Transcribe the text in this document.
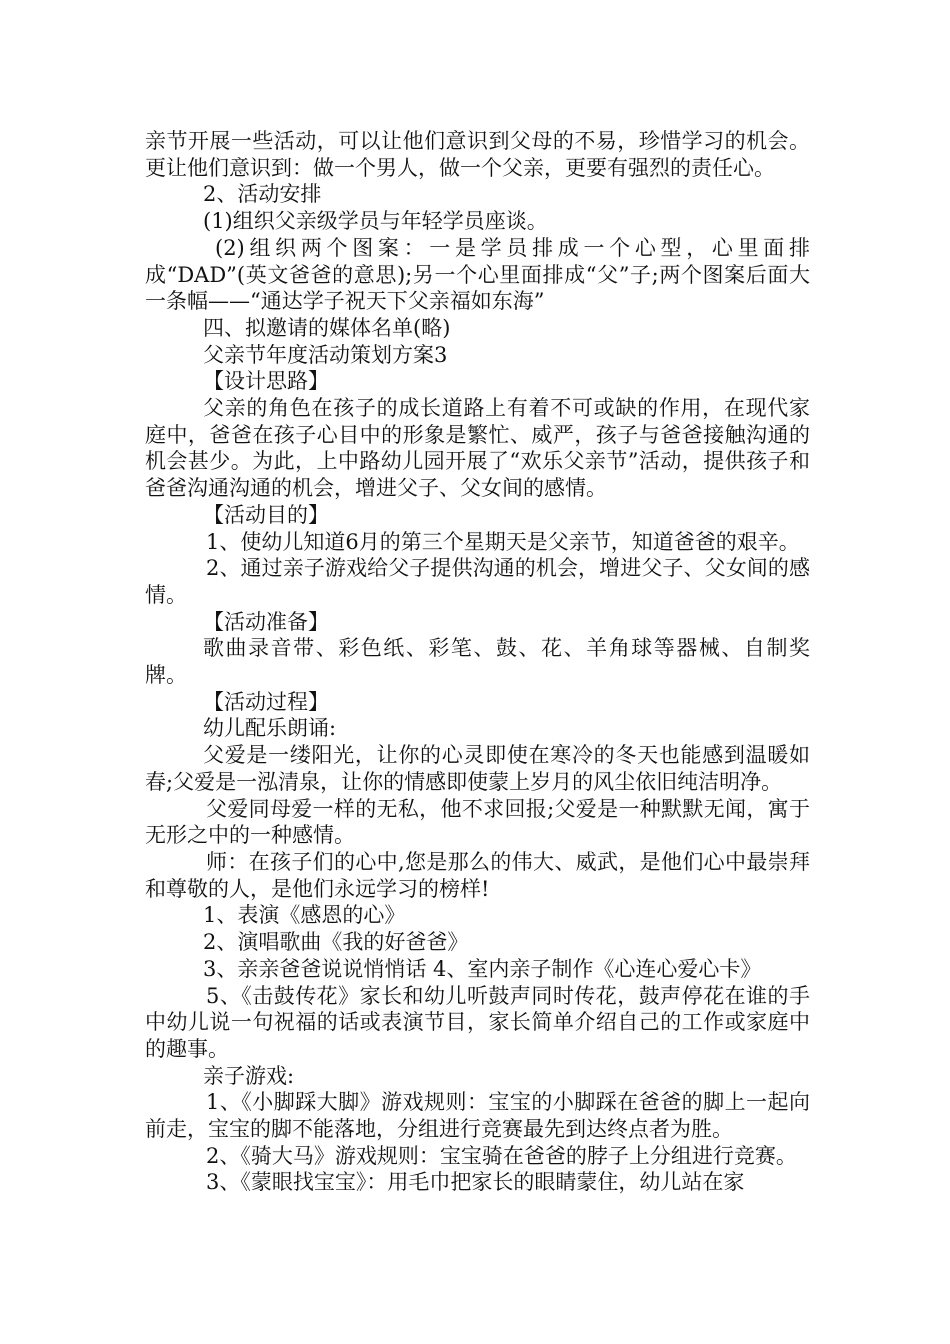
亲节开展一些活动，可以让他们意识到父母的不易，珍惜学习的机会。更让他们意识到：做一个男人，做一个父亲，更要有强烈的责任心。

2、活动安排

(1)组织父亲级学员与年轻学员座谈。

(2)组织两个图案：一是学员排成一个心型，心里面排成“DAD”(英文爸爸的意思);另一个心里面排成“父”子;两个图案后面大一条幅——“通达学子祝天下父亲福如东海”

四、拟邀请的媒体名单(略)

父亲节年度活动策划方案3

【设计思路】

父亲的角色在孩子的成长道路上有着不可或缺的作用，在现代家庭中，爸爸在孩子心目中的形象是繁忙、威严，孩子与爸爸接触沟通的机会甚少。为此，上中路幼儿园开展了“欢乐父亲节”活动，提供孩子和爸爸沟通沟通的机会，增进父子、父女间的感情。

【活动目的】

1、使幼儿知道6月的第三个星期天是父亲节，知道爸爸的艰辛。

2、通过亲子游戏给父子提供沟通的机会，增进父子、父女间的感情。

【活动准备】

歌曲录音带、彩色纸、彩笔、鼓、花、羊角球等器械、自制奖牌。

【活动过程】

幼儿配乐朗诵:

父爱是一缕阳光，让你的心灵即使在寒冷的冬天也能感到温暖如春;父爱是一泓清泉，让你的情感即使蒙上岁月的风尘依旧纯洁明净。

父爱同母爱一样的无私，他不求回报;父爱是一种默默无闻，寓于无形之中的一种感情。

师：在孩子们的心中,您是那么的伟大、威武，是他们心中最崇拜和尊敬的人，是他们永远学习的榜样!

1、表演《感恩的心》

2、演唱歌曲《我的好爸爸》

3、亲亲爸爸说说悄悄话 4、室内亲子制作《心连心爱心卡》

5、《击鼓传花》家长和幼儿听鼓声同时传花，鼓声停花在谁的手中幼儿说一句祝福的话或表演节目，家长简单介绍自己的工作或家庭中的趣事。

亲子游戏:

1、《小脚踩大脚》游戏规则：宝宝的小脚踩在爸爸的脚上一起向前走，宝宝的脚不能落地，分组进行竞赛最先到达终点者为胜。

2、《骑大马》游戏规则：宝宝骑在爸爸的脖子上分组进行竞赛。

3、《蒙眼找宝宝》：用毛巾把家长的眼睛蒙住，幼儿站在家
